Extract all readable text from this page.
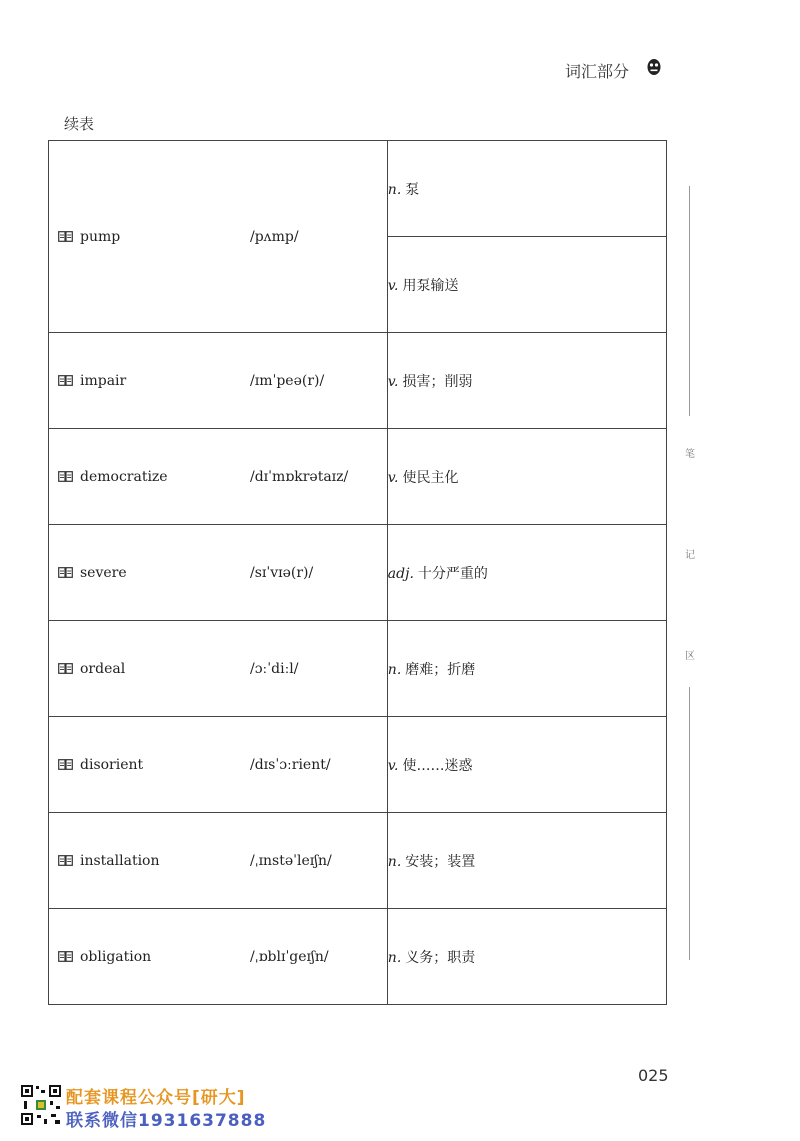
词汇部分
续表
pump /pʌmp/	n. 泵
	v. 用泵输送

impair /ɪmˈpeə(r)/	v. 损害；削弱

democratize /dɪˈmɒkrətaɪz/	v. 使民主化

severe /sɪˈvɪə(r)/	adj. 十分严重的

ordeal /ɔːˈdiːl/	n. 磨难；折磨

disorient /dɪsˈɔːrient/	v. 使……迷惑

installation /ˌɪnstəˈleɪʃn/	n. 安装；装置

obligation /ˌɒblɪˈgeɪʃn/	n. 义务；职责
笔
记
区
025
配套课程公众号[研大]
联系微信1931637888
